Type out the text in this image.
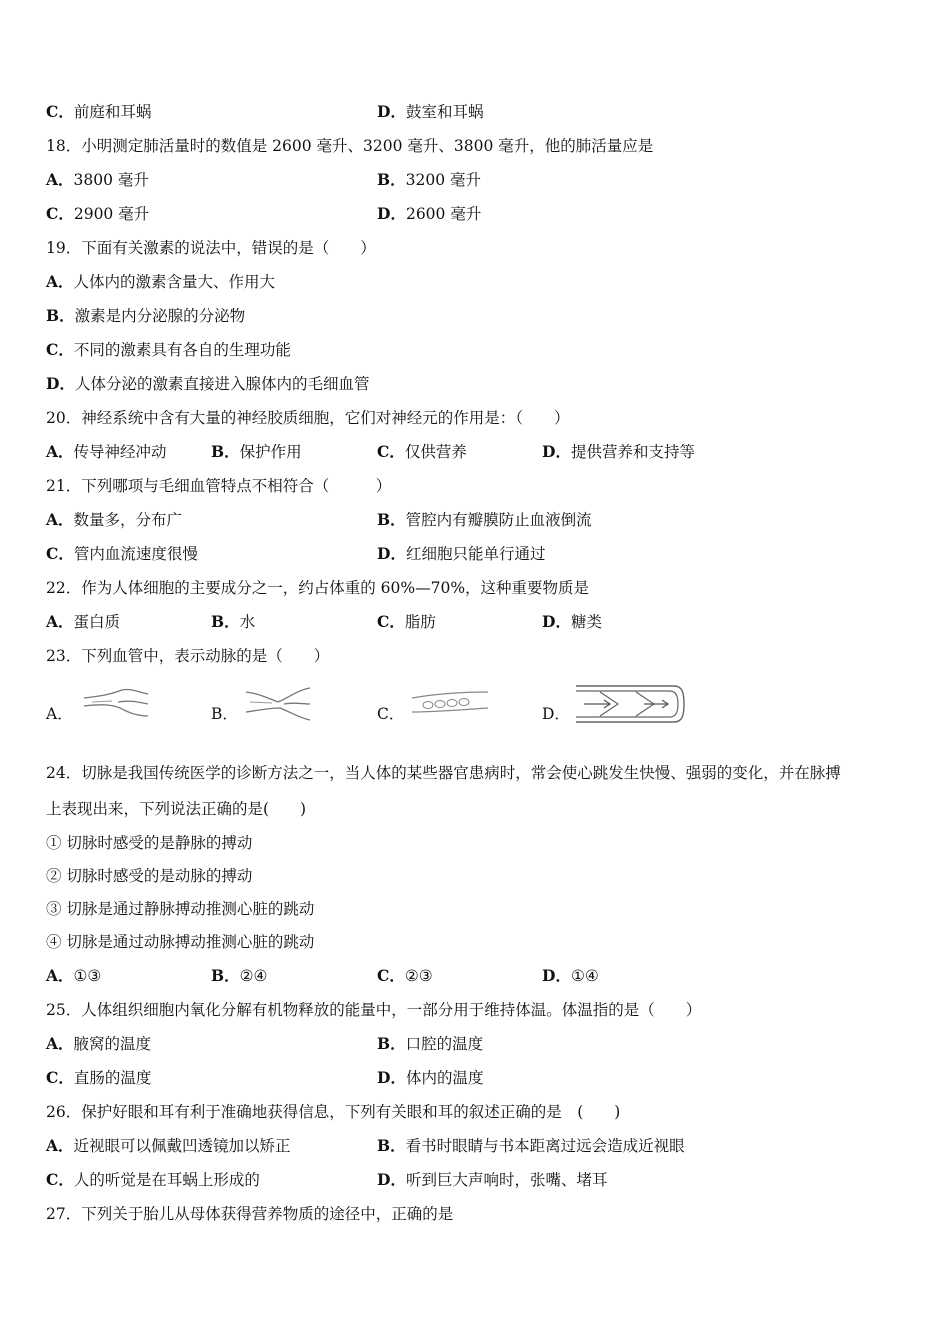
C．前庭和耳蜗	D．鼓室和耳蜗
18．小明测定肺活量时的数值是 2600 毫升、3200 毫升、3800 毫升，他的肺活量应是
A．3800 毫升	B．3200 毫升
C．2900 毫升	D．2600 毫升
19．下面有关激素的说法中，错误的是（　　）
A．人体内的激素含量大、作用大
B．激素是内分泌腺的分泌物
C．不同的激素具有各自的生理功能
D．人体分泌的激素直接进入腺体内的毛细血管
20．神经系统中含有大量的神经胶质细胞，它们对神经元的作用是：（　　）
A．传导神经冲动	B．保护作用	C．仅供营养	D．提供营养和支持等
21．下列哪项与毛细血管特点不相符合（　　　）
A．数量多，分布广	B．管腔内有瓣膜防止血液倒流
C．管内血流速度很慢	D．红细胞只能单行通过
22．作为人体细胞的主要成分之一，约占体重的 60%—70%，这种重要物质是
A．蛋白质	B．水	C．脂肪	D．糖类
23．下列血管中，表示动脉的是（　　）
A．	B．	C．	D．
24．切脉是我国传统医学的诊断方法之一，当人体的某些器官患病时，常会使心跳发生快慢、强弱的变化，并在脉搏
上表现出来，下列说法正确的是(　　)
① 切脉时感受的是静脉的搏动
② 切脉时感受的是动脉的搏动
③ 切脉是通过静脉搏动推测心脏的跳动
④ 切脉是通过动脉搏动推测心脏的跳动
A．①③	B．②④	C．②③	D．①④
25．人体组织细胞内氧化分解有机物释放的能量中，一部分用于维持体温。体温指的是（　　）
A．腋窝的温度	B．口腔的温度
C．直肠的温度	D．体内的温度
26．保护好眼和耳有利于准确地获得信息，下列有关眼和耳的叙述正确的是　(　　)
A．近视眼可以佩戴凹透镜加以矫正	B．看书时眼睛与书本距离过远会造成近视眼
C．人的听觉是在耳蜗上形成的	D．听到巨大声响时，张嘴、堵耳
27．下列关于胎儿从母体获得营养物质的途径中，正确的是
